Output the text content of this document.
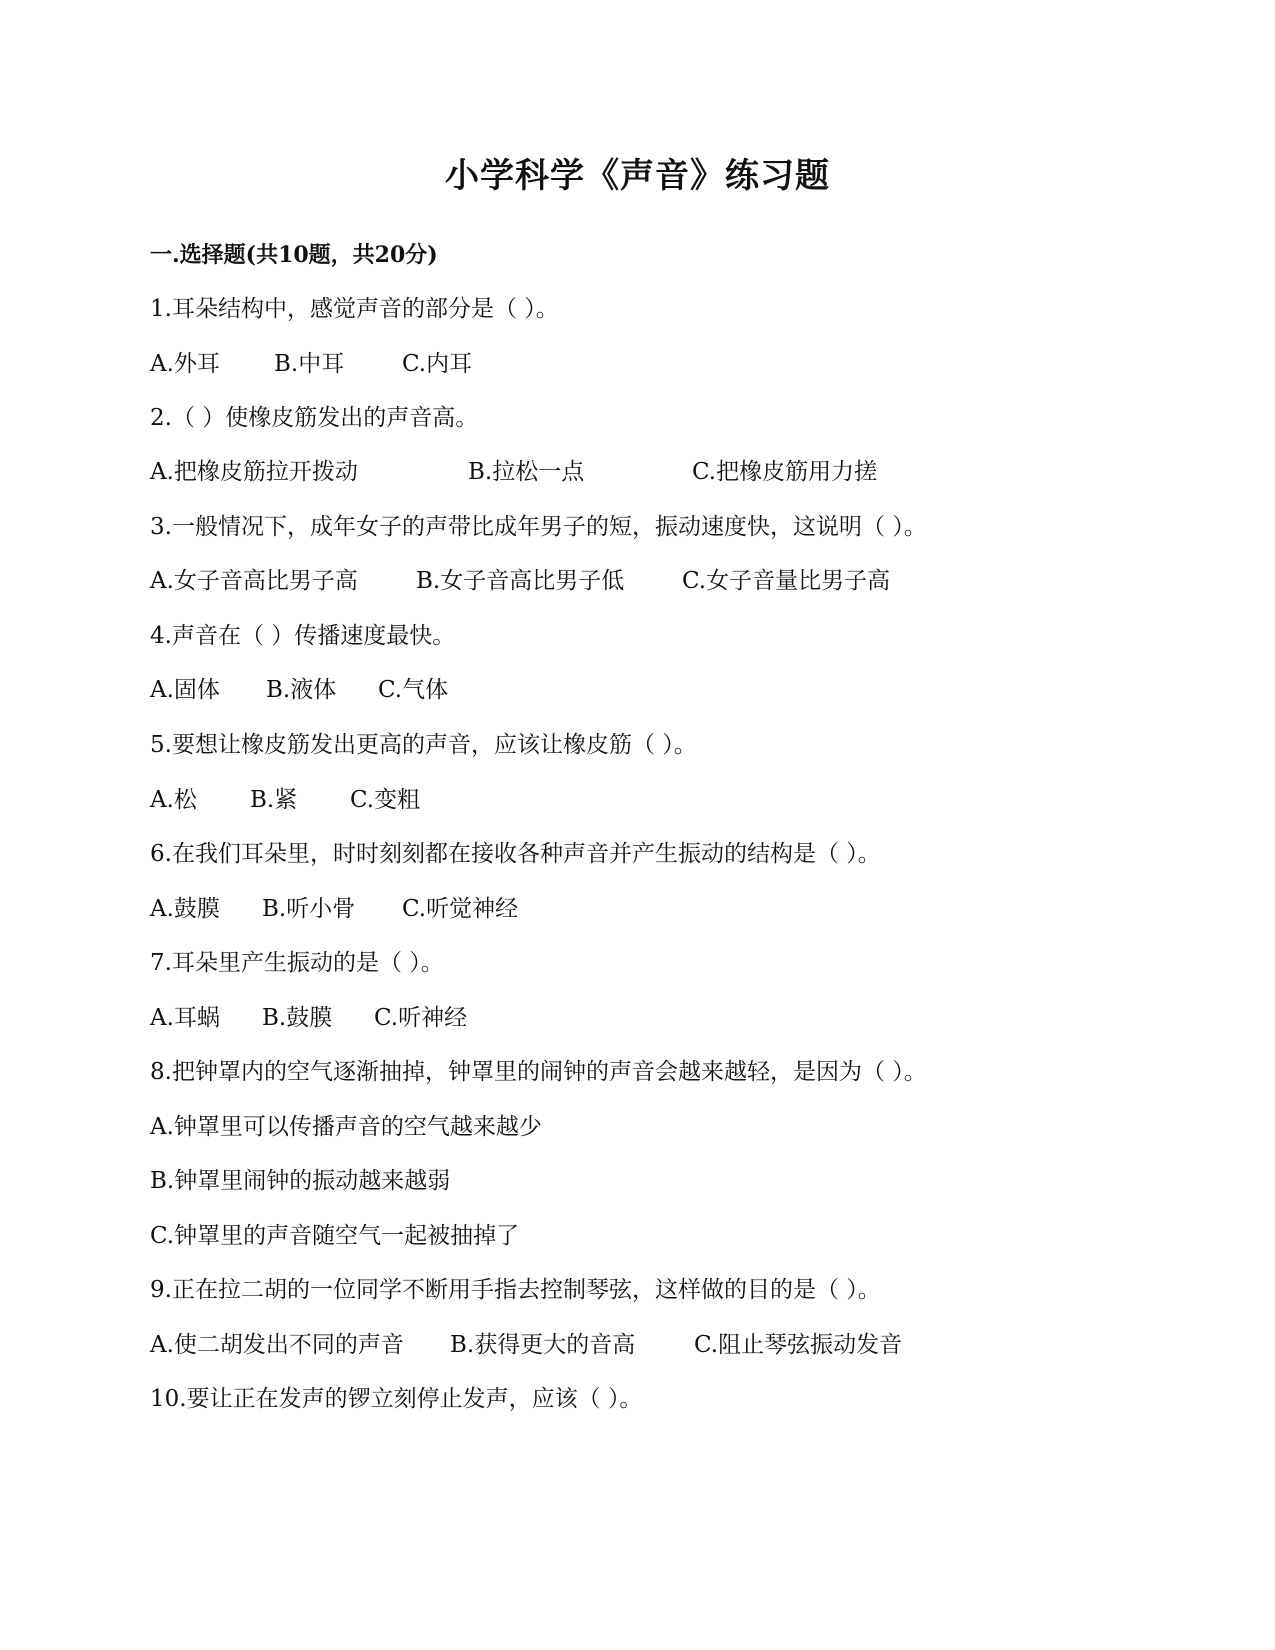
小学科学《声音》练习题
一.选择题(共10题，共20分)

1.耳朵结构中，感觉声音的部分是（ ）。

A.外耳 B.中耳	C.内耳

2.（ ）使橡皮筋发出的声音高。

A.把橡皮筋拉开拨动	B.拉松一点	C.把橡皮筋用力搓

3.一般情况下，成年女子的声带比成年男子的短，振动速度快，这说明（ ）。

A.女子音高比男子高	B.女子音高比男子低	C.女子音量比男子高

4.声音在（ ）传播速度最快。

A.固体 B.液体 C.气体

5.要想让橡皮筋发出更高的声音，应该让橡皮筋（ ）。

A.松 B.紧 C.变粗

6.在我们耳朵里，时时刻刻都在接收各种声音并产生振动的结构是（ ）。

A.鼓膜 B.听小骨 C.听觉神经

7.耳朵里产生振动的是（ ）。

A.耳蜗 B.鼓膜 C.听神经

8.把钟罩内的空气逐渐抽掉，钟罩里的闹钟的声音会越来越轻，是因为（ ）。

A.钟罩里可以传播声音的空气越来越少

B.钟罩里闹钟的振动越来越弱

C.钟罩里的声音随空气一起被抽掉了

9.正在拉二胡的一位同学不断用手指去控制琴弦，这样做的目的是（ ）。

A.使二胡发出不同的声音 B.获得更大的音高	C.阻止琴弦振动发音

10.要让正在发声的锣立刻停止发声，应该（ ）。
